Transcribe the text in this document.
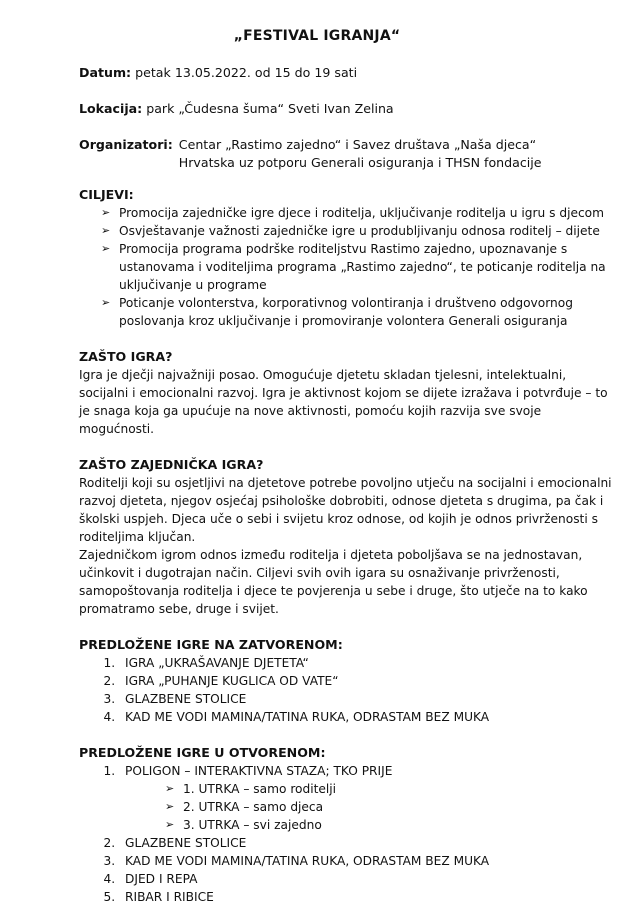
„FESTIVAL IGRANJA“
Datum: petak 13.05.2022. od 15 do 19 sati
Lokacija: park „Čudesna šuma“ Sveti Ivan Zelina
Organizatori: Centar „Rastimo zajedno“ i Savez društava „Naša djeca“ Hrvatska uz potporu Generali osiguranja i THSN fondacije
CILJEVI:
➢ Promocija zajedničke igre djece i roditelja, uključivanje roditelja u igru s djecom
➢ Osvještavanje važnosti zajedničke igre u produbljivanju odnosa roditelj – dijete
➢ Promocija programa podrške roditeljstvu Rastimo zajedno, upoznavanje s ustanovama i voditeljima programa „Rastimo zajedno“, te poticanje roditelja na uključivanje u programe
➢ Poticanje volonterstva, korporativnog volontiranja i društveno odgovornog poslovanja kroz uključivanje i promoviranje volontera Generali osiguranja
ZAŠTO IGRA?

Igra je dječji najvažniji posao. Omogućuje djetetu skladan tjelesni, intelektualni, socijalni i emocionalni razvoj. Igra je aktivnost kojom se dijete izražava i potvrđuje – to je snaga koja ga upućuje na nove aktivnosti, pomoću kojih razvija sve svoje mogućnosti.

ZAŠTO ZAJEDNIČKA IGRA?

Roditelji koji su osjetljivi na djetetove potrebe povoljno utječu na socijalni i emocionalni razvoj djeteta, njegov osjećaj psihološke dobrobiti, odnose djeteta s drugima, pa čak i školski uspjeh. Djeca uče o sebi i svijetu kroz odnose, od kojih je odnos privrženosti s roditeljima ključan.

Zajedničkom igrom odnos između roditelja i djeteta poboljšava se na jednostavan, učinkovit i dugotrajan način. Ciljevi svih ovih igara su osnaživanje privrženosti, samopoštovanja roditelja i djece te povjerenja u sebe i druge, što utječe na to kako promatramo sebe, druge i svijet.

PREDLOŽENE IGRE NA ZATVORENOM:
1. IGRA „UKRAŠAVANJE DJETETA“
2. IGRA „PUHANJE KUGLICA OD VATE“
3. GLAZBENE STOLICE
4. KAD ME VODI MAMINA/TATINA RUKA, ODRASTAM BEZ MUKA
PREDLOŽENE IGRE U OTVORENOM:
1. POLIGON – INTERAKTIVNA STAZA; TKO PRIJE
➢ 1. UTRKA – samo roditelji
➢ 2. UTRKA – samo djeca
➢ 3. UTRKA – svi zajedno
2. GLAZBENE STOLICE
3. KAD ME VODI MAMINA/TATINA RUKA, ODRASTAM BEZ MUKA
4. DJED I REPA
5. RIBAR I RIBICE
